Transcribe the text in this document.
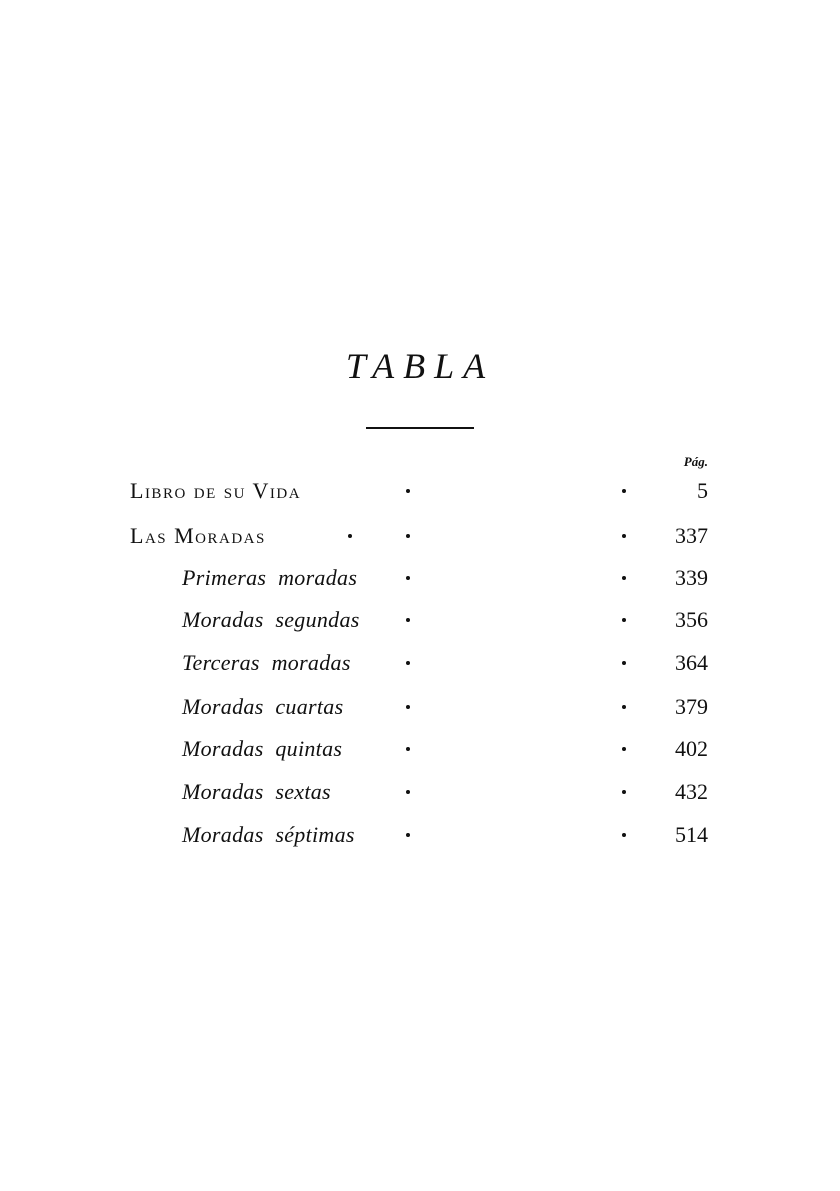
TABLA
Pág.
Libro de su Vida	5
Las Moradas	337
Primeras moradas	339
Moradas segundas	356
Terceras moradas	364
Moradas cuartas	379
Moradas quintas	402
Moradas sextas	432
Moradas séptimas	514
